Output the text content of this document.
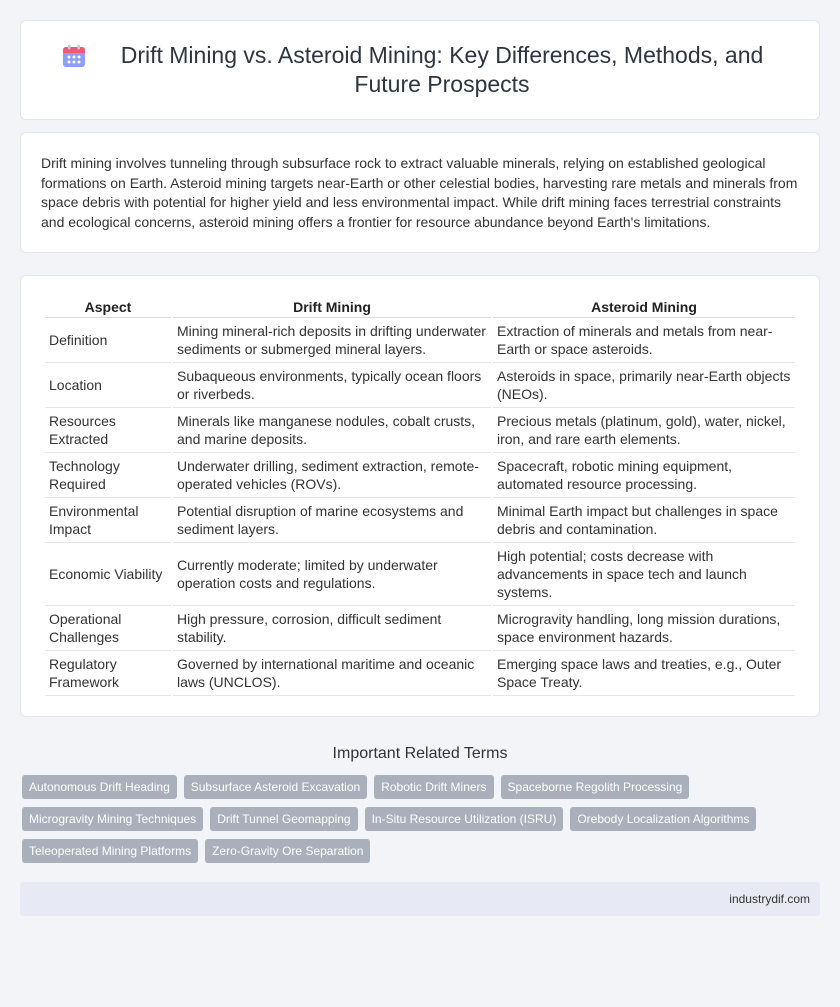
Drift Mining vs. Asteroid Mining: Key Differences, Methods, and Future Prospects

Drift mining involves tunneling through subsurface rock to extract valuable minerals, relying on established geological formations on Earth. Asteroid mining targets near-Earth or other celestial bodies, harvesting rare metals and minerals from space debris with potential for higher yield and less environmental impact. While drift mining faces terrestrial constraints and ecological concerns, asteroid mining offers a frontier for resource abundance beyond Earth's limitations.

Aspect	Drift Mining	Asteroid Mining
Definition	Mining mineral-rich deposits in drifting underwater sediments or submerged mineral layers.	Extraction of minerals and metals from near-Earth or space asteroids.
Location	Subaqueous environments, typically ocean floors or riverbeds.	Asteroids in space, primarily near-Earth objects (NEOs).
Resources Extracted	Minerals like manganese nodules, cobalt crusts, and marine deposits.	Precious metals (platinum, gold), water, nickel, iron, and rare earth elements.
Technology Required	Underwater drilling, sediment extraction, remote-operated vehicles (ROVs).	Spacecraft, robotic mining equipment, automated resource processing.
Environmental Impact	Potential disruption of marine ecosystems and sediment layers.	Minimal Earth impact but challenges in space debris and contamination.
Economic Viability	Currently moderate; limited by underwater operation costs and regulations.	High potential; costs decrease with advancements in space tech and launch systems.
Operational Challenges	High pressure, corrosion, difficult sediment stability.	Microgravity handling, long mission durations, space environment hazards.
Regulatory Framework	Governed by international maritime and oceanic laws (UNCLOS).	Emerging space laws and treaties, e.g., Outer Space Treaty.
Important Related Terms
Autonomous Drift Heading	Subsurface Asteroid Excavation	Robotic Drift Miners	Spaceborne Regolith Processing
Microgravity Mining Techniques	Drift Tunnel Geomapping	In-Situ Resource Utilization (ISRU)	Orebody Localization Algorithms
Teleoperated Mining Platforms	Zero-Gravity Ore Separation
industrydif.com
